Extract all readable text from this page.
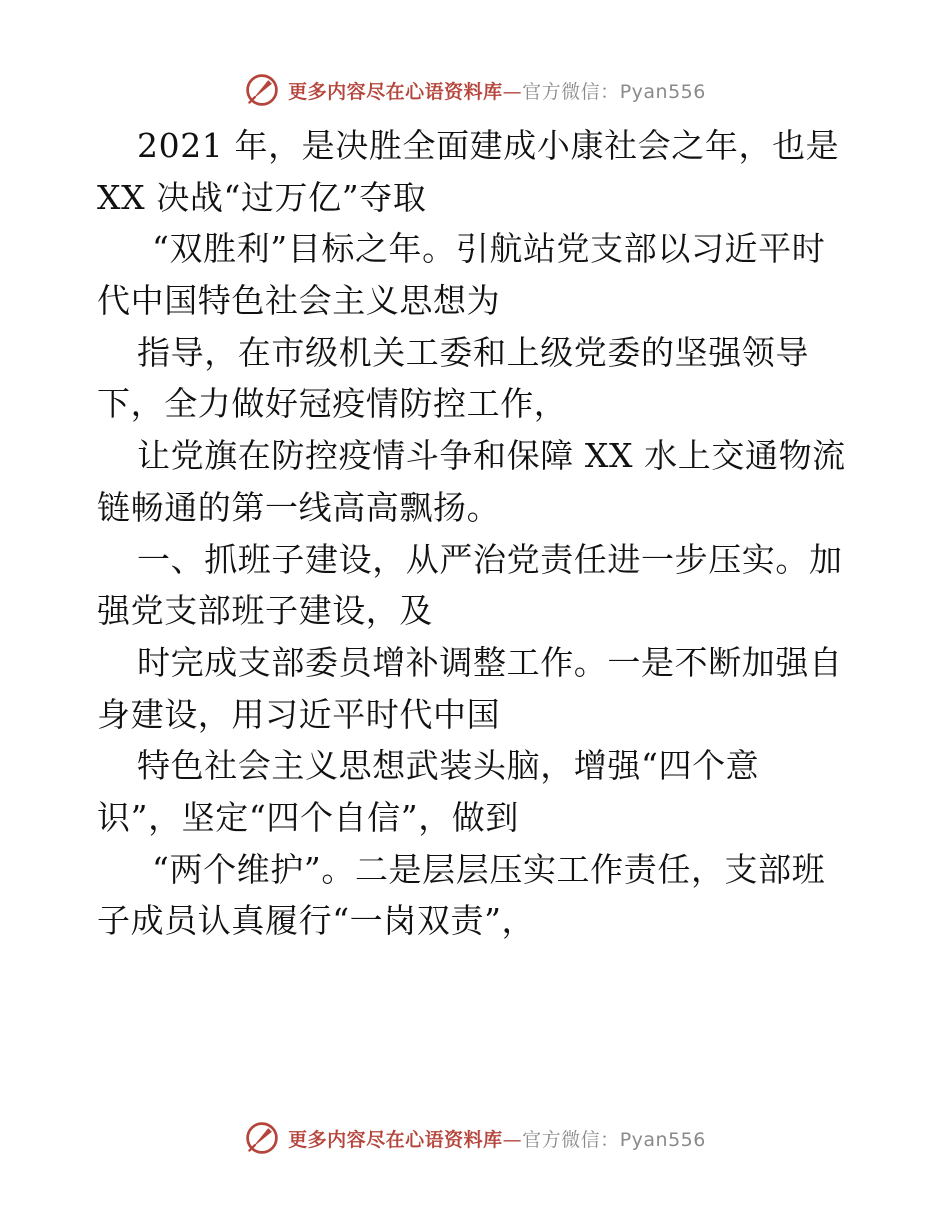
更多内容尽在心语资料库—官方微信：Pyan556
2021 年，是决胜全面建成小康社会之年，也是
XX 决战“过万亿”夺取
“双胜利”目标之年。引航站党支部以习近平时
代中国特色社会主义思想为
指导，在市级机关工委和上级党委的坚强领导
下，全力做好冠疫情防控工作，
让党旗在防控疫情斗争和保障 XX 水上交通物流
链畅通的第一线高高飘扬。
一、抓班子建设，从严治党责任进一步压实。加
强党支部班子建设，及
时完成支部委员增补调整工作。一是不断加强自
身建设，用习近平时代中国
特色社会主义思想武装头脑，增强“四个意
识”，坚定“四个自信”，做到
“两个维护”。二是层层压实工作责任，支部班
子成员认真履行“一岗双责”，
更多内容尽在心语资料库—官方微信：Pyan556
